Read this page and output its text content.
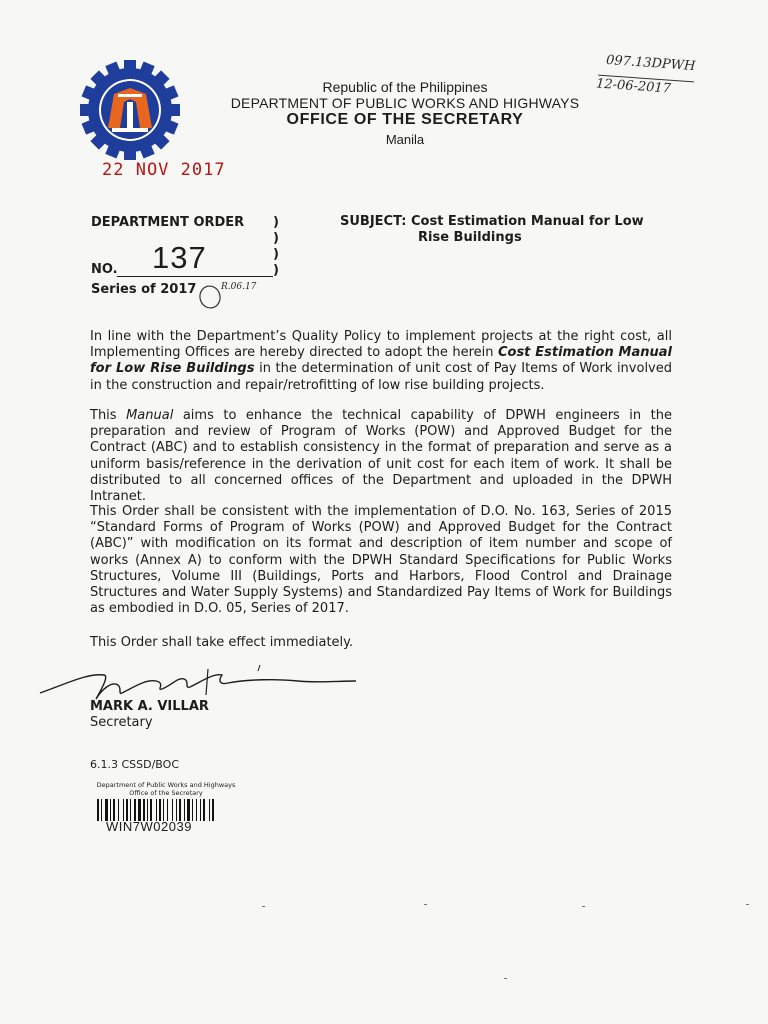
Republic of the Philippines
DEPARTMENT OF PUBLIC WORKS AND HIGHWAYS
OFFICE OF THE SECRETARY
Manila
097.13DPWH
12-06-2017
22 NOV 2017
DEPARTMENT ORDER )
)
)
)
137
NO.
Series of 2017	R.06.17
SUBJECT: Cost Estimation Manual for Low
Rise Buildings
In line with the Department’s Quality Policy to implement projects at the right cost, all Implementing Offices are hereby directed to adopt the herein Cost Estimation Manual for Low Rise Buildings in the determination of unit cost of Pay Items of Work involved in the construction and repair/retrofitting of low rise building projects.
This Manual aims to enhance the technical capability of DPWH engineers in the preparation and review of Program of Works (POW) and Approved Budget for the Contract (ABC) and to establish consistency in the format of preparation and serve as a uniform basis/reference in the derivation of unit cost for each item of work. It shall be distributed to all concerned offices of the Department and uploaded in the DPWH Intranet.
This Order shall be consistent with the implementation of D.O. No. 163, Series of 2015 “Standard Forms of Program of Works (POW) and Approved Budget for the Contract (ABC)” with modification on its format and description of item number and scope of works (Annex A) to conform with the DPWH Standard Specifications for Public Works Structures, Volume III (Buildings, Ports and Harbors, Flood Control and Drainage Structures and Water Supply Systems) and Standardized Pay Items of Work for Buildings as embodied in D.O. 05, Series of 2017.
This Order shall take effect immediately.
MARK A. VILLAR
Secretary
6.1.3 CSSD/BOC
Department of Public Works and Highways
Office of the Secretary
WIN7W02039
